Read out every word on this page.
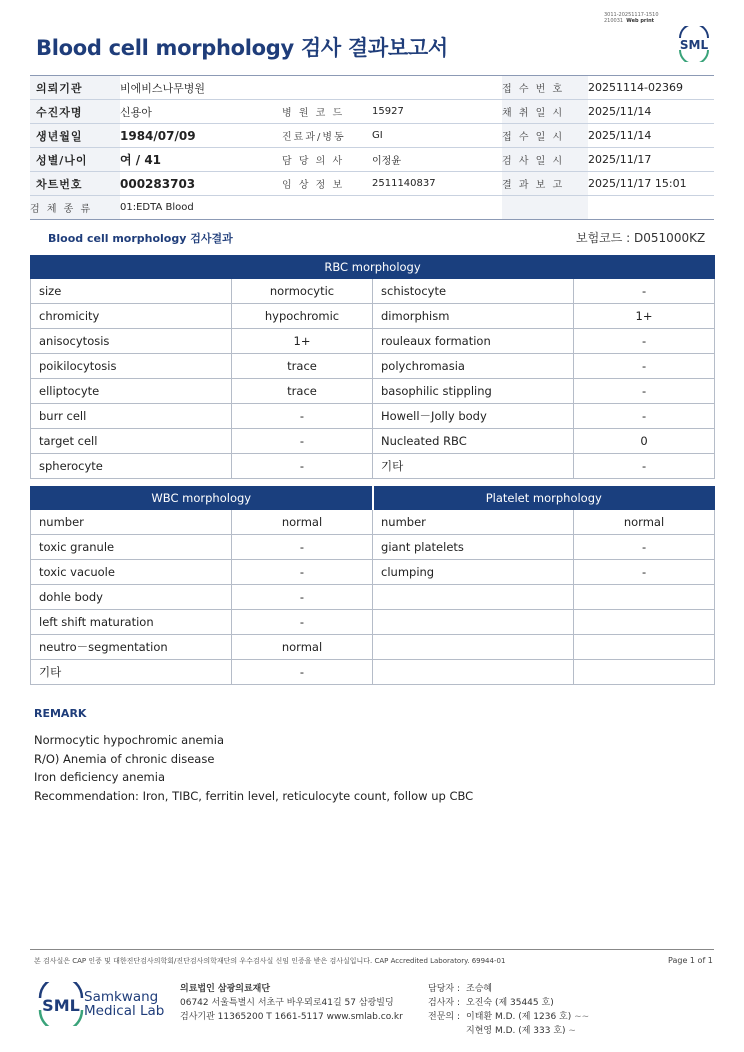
Blood cell morphology 검사 결과보고서
3011-20251117-1510
210031 Web print
SML
의뢰기관	비에비스나무병원			접 수 번 호	20251114-02369
수진자명	신용아	병 원 코 드	15927	채 취 일 시	2025/11/14
생년월일	1984/07/09	진료과/병동	GI	접 수 일 시	2025/11/14
성별/나이	여 / 41	담 당 의 사	이정윤	검 사 일 시	2025/11/17
차트번호	000283703	임 상 정 보	2511140837	결 과 보 고	2025/11/17 15:01
검 체 종 류	01:EDTA Blood				
Blood cell morphology 검사결과	보험코드 : D051000KZ
RBC morphology			
size	normocytic	schistocyte	-
chromicity	hypochromic	dimorphism	1+
anisocytosis	1+	rouleaux formation	-
poikilocytosis	trace	polychromasia	-
elliptocyte	trace	basophilic stippling	-
burr cell	-	Howell－Jolly body	-
target cell	-	Nucleated RBC	0
spherocyte	-	기타	-
WBC morphology		Platelet morphology	
number	normal	number	normal
toxic granule	-	giant platelets	-
toxic vacuole	-	clumping	-
dohle body	-		
left shift maturation	-		
neutro－segmentation	normal		
기타	-		
REMARK
Normocytic hypochromic anemia
R/O) Anemia of chronic disease
Iron deficiency anemia
Recommendation: Iron, TIBC, ferritin level, reticulocyte count, follow up CBC
본 검사실은 CAP 인증 및 대한진단검사의학회/진단검사의학재단의 우수검사실 신임 인증을 받은 검사실입니다. CAP Accredited Laboratory. 69944-01	Page 1 of 1
SML Samkwang
Medical Lab
의료법인 삼광의료재단
06742 서울특별시 서초구 바우뫼로41길 57 삼광빌딩
검사기관 11365200 T 1661-5117 www.smlab.co.kr
담당자 : 조승혜
검사자 : 오진숙 (제 35445 호)
전문의 : 이태환 M.D. (제 1236 호) ~~
지현영 M.D. (제 333 호) ~
